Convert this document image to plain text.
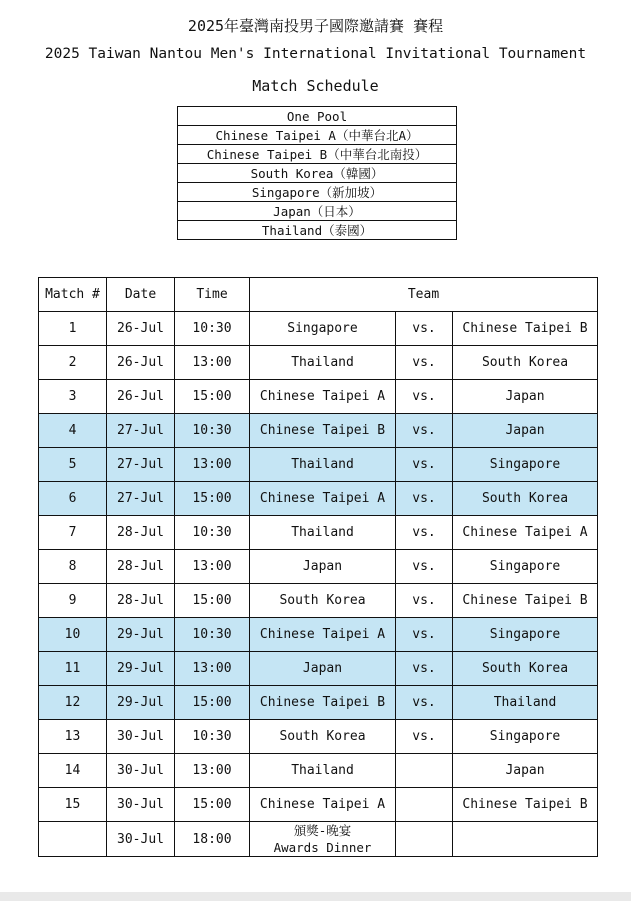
2025年臺灣南投男子國際邀請賽 賽程
2025 Taiwan Nantou Men's International Invitational Tournament
Match Schedule
One Pool
Chinese Taipei A（中華台北A）
Chinese Taipei B（中華台北南投）
South Korea（韓國）
Singapore（新加坡）
Japan（日本）
Thailand（泰國）
Match #	Date	Time	Team		
1	26-Jul	10:30	Singapore	vs.	Chinese Taipei B
2	26-Jul	13:00	Thailand	vs.	South Korea
3	26-Jul	15:00	Chinese Taipei A	vs.	Japan
4	27-Jul	10:30	Chinese Taipei B	vs.	Japan
5	27-Jul	13:00	Thailand	vs.	Singapore
6	27-Jul	15:00	Chinese Taipei A	vs.	South Korea
7	28-Jul	10:30	Thailand	vs.	Chinese Taipei A
8	28-Jul	13:00	Japan	vs.	Singapore
9	28-Jul	15:00	South Korea	vs.	Chinese Taipei B
10	29-Jul	10:30	Chinese Taipei A	vs.	Singapore
11	29-Jul	13:00	Japan	vs.	South Korea
12	29-Jul	15:00	Chinese Taipei B	vs.	Thailand
13	30-Jul	10:30	South Korea	vs.	Singapore
14	30-Jul	13:00	Thailand		Japan
15	30-Jul	15:00	Chinese Taipei A		Chinese Taipei B
	30-Jul	18:00	頒獎-晚宴
Awards Dinner		
